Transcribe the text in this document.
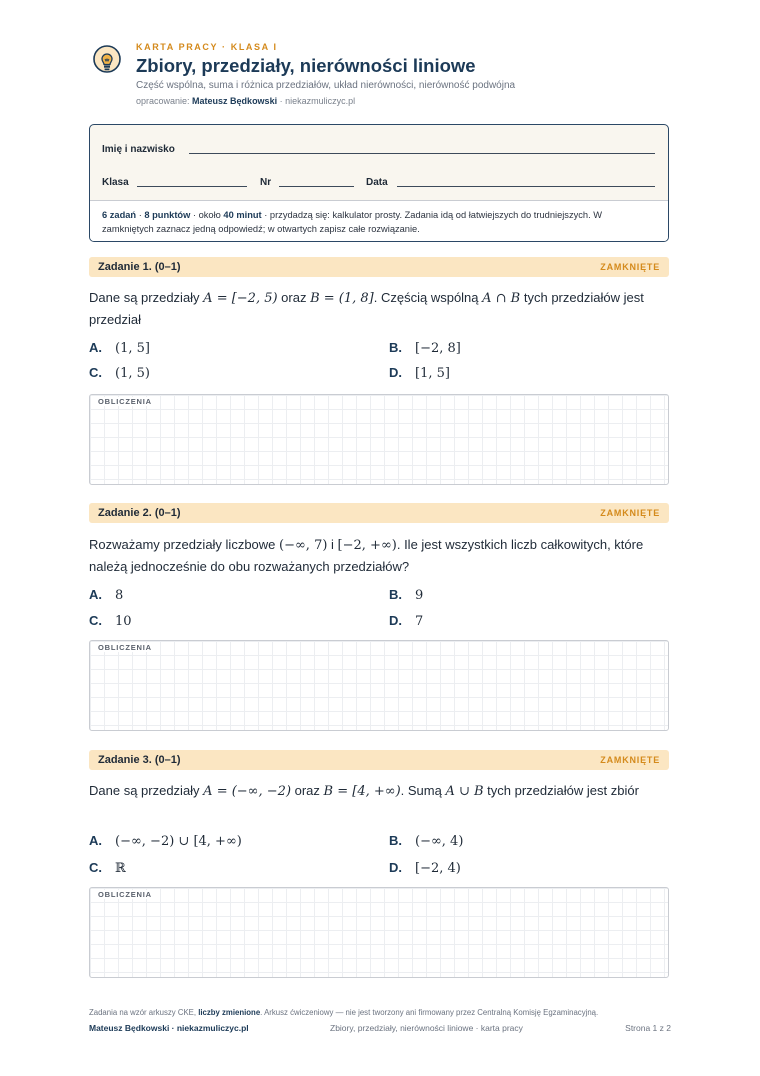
KARTA PRACY · KLASA I
Zbiory, przedziały, nierówności liniowe
Część wspólna, suma i różnica przedziałów, układ nierówności, nierówność podwójna
opracowanie: Mateusz Będkowski · niekazmuliczyc.pl
Imię i nazwisko
Klasa	Nr	Data
6 zadań · 8 punktów · około 40 minut · przydadzą się: kalkulator prosty. Zadania idą od łatwiejszych do trudniejszych. W zamkniętych zaznacz jedną odpowiedź; w otwartych zapisz całe rozwiązanie.
Zadanie 1. (0–1)	ZAMKNIĘTE
Dane są przedziały A = [−2, 5) oraz B = (1, 8]. Częścią wspólną A ∩ B tych przedziałów jest przedział
A. (1, 5]	B. [−2, 8]
C. (1, 5)	D. [1, 5]
OBLICZENIA
Zadanie 2. (0–1)	ZAMKNIĘTE
Rozważamy przedziały liczbowe (−∞, 7) i [−2, +∞). Ile jest wszystkich liczb całkowitych, które należą jednocześnie do obu rozważanych przedziałów?
A. 8	B. 9
C. 10	D. 7
OBLICZENIA
Zadanie 3. (0–1)	ZAMKNIĘTE
Dane są przedziały A = (−∞, −2) oraz B = [4, +∞). Sumą A ∪ B tych przedziałów jest zbiór
A. (−∞, −2) ∪ [4, +∞)	B. (−∞, 4)
C. ℝ	D. [−2, 4)
OBLICZENIA
Zadania na wzór arkuszy CKE, liczby zmienione. Arkusz ćwiczeniowy — nie jest tworzony ani firmowany przez Centralną Komisję Egzaminacyjną.
Mateusz Będkowski · niekazmuliczyc.pl	Zbiory, przedziały, nierówności liniowe · karta pracy	Strona 1 z 2
